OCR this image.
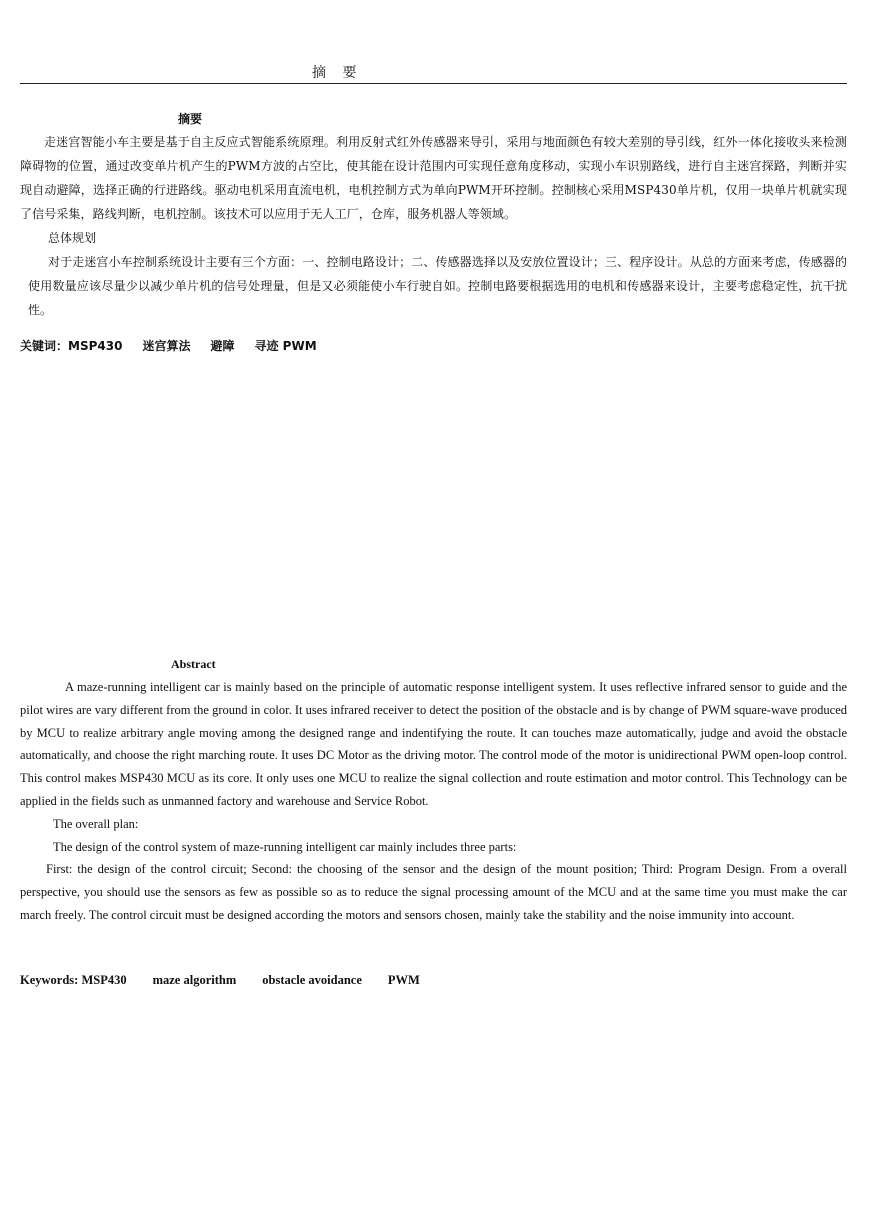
摘 要
摘要

走迷宫智能小车主要是基于自主反应式智能系统原理。利用反射式红外传感器来导引，采用与地面颜色有较大差别的导引线，红外一体化接收头来检测障碍物的位置，通过改变单片机产生的PWM方波的占空比，使其能在设计范围内可实现任意角度移动，实现小车识别路线，进行自主迷宫探路，判断并实现自动避障，选择正确的行进路线。驱动电机采用直流电机，电机控制方式为单向PWM开环控制。控制核心采用MSP430单片机，仅用一块单片机就实现了信号采集，路线判断，电机控制。该技术可以应用于无人工厂，仓库，服务机器人等领域。

总体规划

对于走迷宫小车控制系统设计主要有三个方面：一、控制电路设计；二、传感器选择以及安放位置设计；三、程序设计。从总的方面来考虑，传感器的使用数量应该尽量少以减少单片机的信号处理量，但是又必须能使小车行驶自如。控制电路要根据选用的电机和传感器来设计，主要考虑稳定性，抗干扰性。

关键词：MSP430 迷宫算法 避障 寻迹 PWM
Abstract

A maze-running intelligent car is mainly based on the principle of automatic response intelligent system. It uses reflective infrared sensor to guide and the pilot wires are vary different from the ground in color. It uses infrared receiver to detect the position of the obstacle and is by change of PWM square-wave produced by MCU to realize arbitrary angle moving among the designed range and indentifying the route. It can touches maze automatically, judge and avoid the obstacle automatically, and choose the right marching route. It uses DC Motor as the driving motor. The control mode of the motor is unidirectional PWM open-loop control. This control makes MSP430 MCU as its core. It only uses one MCU to realize the signal collection and route estimation and motor control. This Technology can be applied in the fields such as unmanned factory and warehouse and Service Robot.

The overall plan:

The design of the control system of maze-running intelligent car mainly includes three parts:

First: the design of the control circuit; Second: the choosing of the sensor and the design of the mount position; Third: Program Design. From a overall perspective, you should use the sensors as few as possible so as to reduce the signal processing amount of the MCU and at the same time you must make the car march freely. The control circuit must be designed according the motors and sensors chosen, mainly take the stability and the noise immunity into account.

Keywords: MSP430 maze algorithm obstacle avoidance PWM
